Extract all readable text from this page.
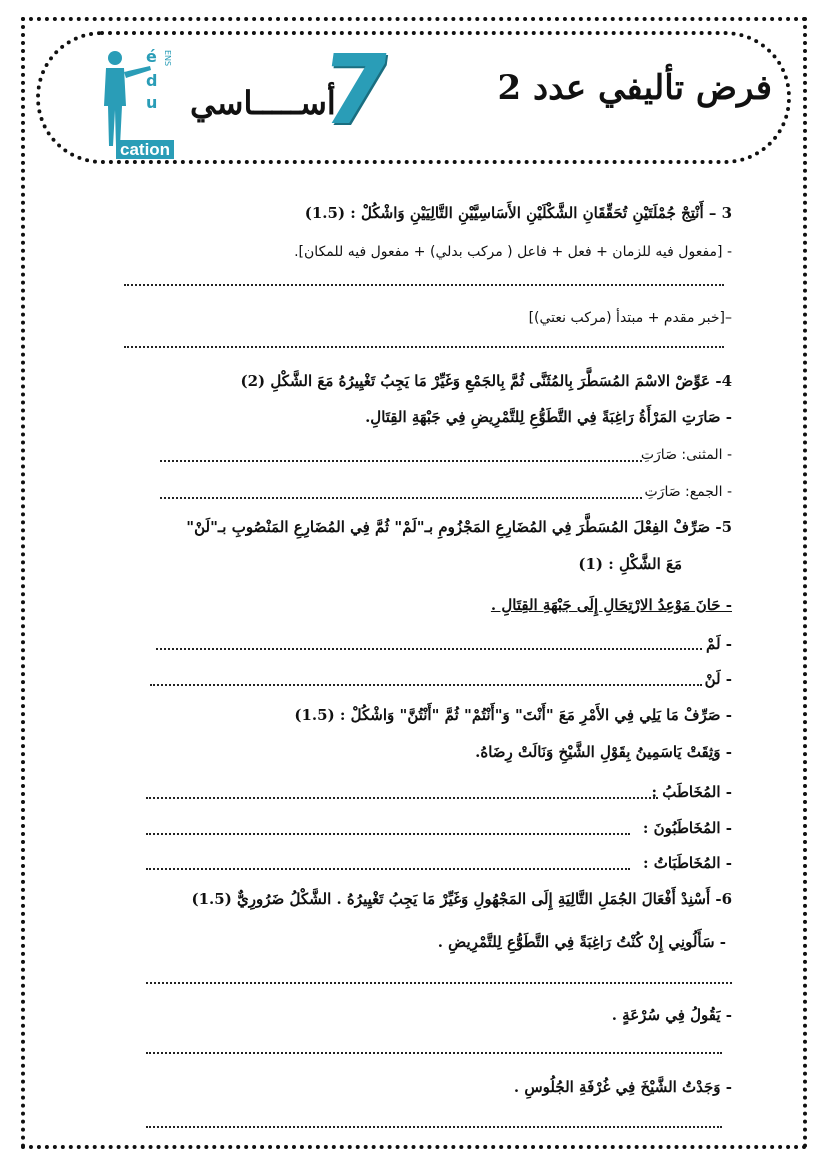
فرض تأليفي عدد 2
أســـــاسي
7
é
d
u
cation
ENS
3 – أَنْتِجْ جُمْلَتَيْنِ تُحَقِّقَانِ الشَّكْلَيْنِ الأَسَاسِيَّيْنِ التَّالِيَيْنِ وَاشْكُلْ : (1.5)
- [مفعول فيه للزمان + فعل + فاعل ( مركب بدلي) + مفعول فيه للمكان].
–[خبر مقدم + مبتدأ (مركب نعتي)]
4- عَوِّضْ الاسْمَ المُسَطَّرَ بِالمُثَنَّى ثُمَّ بِالجَمْعِ وَغَيِّرْ مَا يَجِبُ تَغْيِيرُهُ مَعَ الشَّكْلِ (2)
- صَارَتِ المَرْأَةُ رَاغِبَةً فِي التَّطَوُّعِ لِلتَّمْرِيضِ فِي جَبْهَةِ القِتَالِ.
- المثنى: صَارَتِ
- الجمع: صَارَتِ
5- صَرِّفْ الفِعْلَ المُسَطَّرَ فِي المُضَارِعِ المَجْزُومِ بـ"لَمْ" ثُمَّ فِي المُضَارِعِ المَنْصُوبِ بـ"لَنْ"
مَعَ الشَّكْلِ : (1)
- حَانَ مَوْعِدُ الارْتِحَالِ إِلَى جَبْهَةِ القِتَالِ .
- لَمْ
- لَنْ
- صَرِّفْ مَا يَلِي فِي الأَمْرِ مَعَ "أَنْتَ" وَ"أَنْتُمْ" ثُمَّ "أَنْتُنَّ" وَاشْكُلْ : (1.5)
- وَثِقَتْ يَاسَمِينُ بِقَوْلِ الشَّيْخِ وَنَالَتْ رِضَاهُ.
- المُخَاطَبُ :
- المُخَاطَبُونَ :
- المُخَاطَبَاتُ :
6- أَسْنِدْ أَفْعَالَ الجُمَلِ التَّالِيَةِ إِلَى المَجْهُولِ وَغَيِّرْ مَا يَجِبُ تَغْيِيرُهُ . الشَّكْلُ ضَرُورِيٌّ (1.5)
- سَأَلُونِي إِنْ كُنْتُ رَاغِبَةً فِي التَّطَوُّعِ لِلتَّمْرِيضِ .
- يَقُولُ فِي سُرْعَةٍ .
- وَجَدْتُ الشَّيْخَ فِي غُرْفَةِ الجُلُوسِ .
